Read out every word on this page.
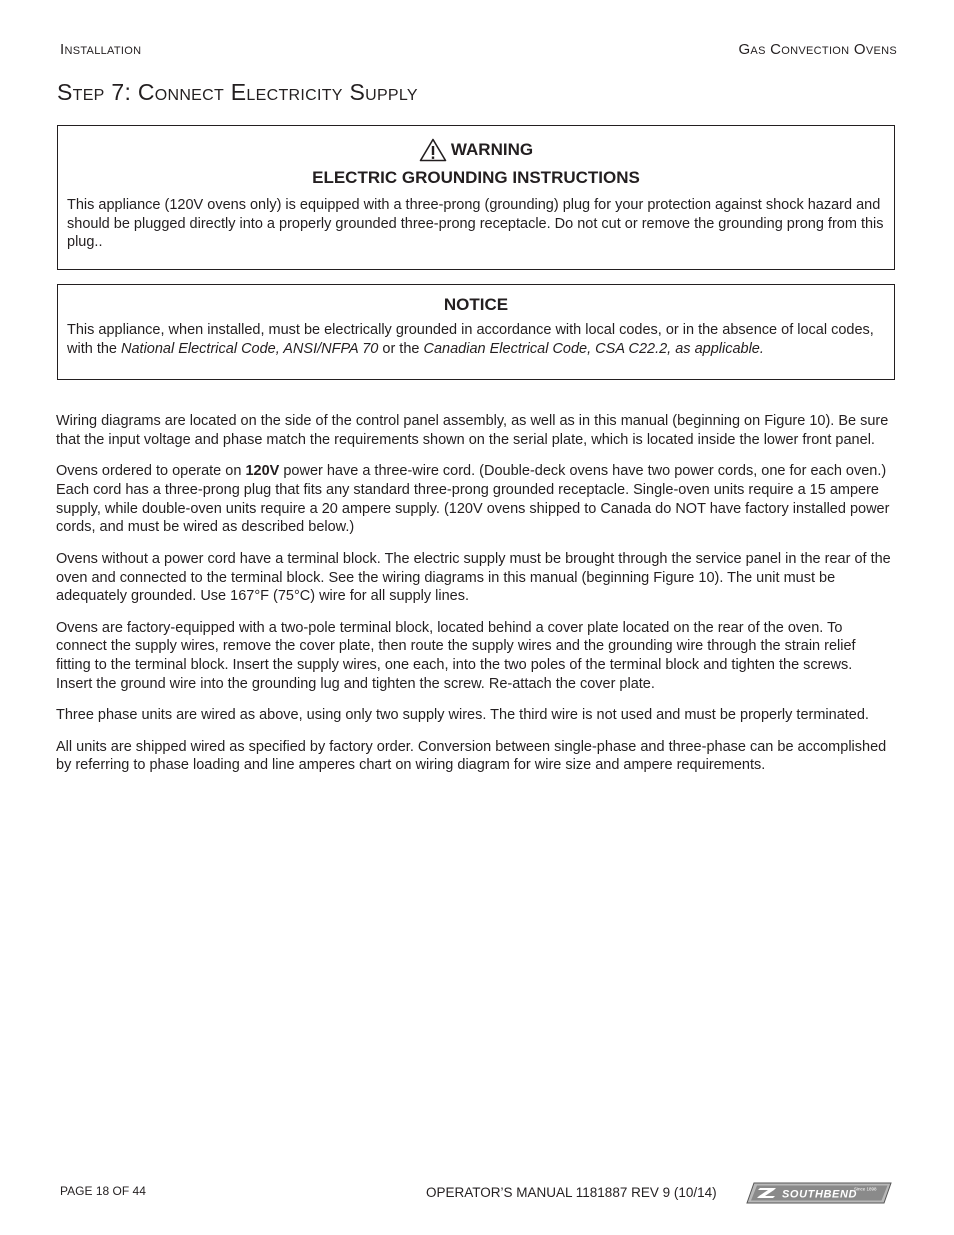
Installation	Gas Convection Ovens
Step 7: Connect Electricity Supply
WARNING
ELECTRIC GROUNDING INSTRUCTIONS
This appliance (120V ovens only) is equipped with a three-prong (grounding) plug for your protection against shock hazard and should be plugged directly into a properly grounded three-prong receptacle. Do not cut or remove the grounding prong from this plug..
NOTICE
This appliance, when installed, must be electrically grounded in accordance with local codes, or in the absence of local codes, with the National Electrical Code, ANSI/NFPA 70 or the Canadian Electrical Code, CSA C22.2, as applicable.

Wiring diagrams are located on the side of the control panel assembly, as well as in this manual (beginning on Figure 10). Be sure that the input voltage and phase match the requirements shown on the serial plate, which is located inside the lower front panel.

Ovens ordered to operate on 120V power have a three-wire cord. (Double-deck ovens have two power cords, one for each oven.) Each cord has a three-prong plug that fits any standard three-prong grounded receptacle. Single-oven units require a 15 ampere supply, while double-oven units require a 20 ampere supply. (120V ovens shipped to Canada do NOT have factory installed power cords, and must be wired as described below.)

Ovens without a power cord have a terminal block. The electric supply must be brought through the service panel in the rear of the oven and connected to the terminal block. See the wiring diagrams in this manual (beginning Figure 10). The unit must be adequately grounded. Use 167°F (75°C) wire for all supply lines.

Ovens are factory-equipped with a two-pole terminal block, located behind a cover plate located on the rear of the oven. To connect the supply wires, remove the cover plate, then route the supply wires and the grounding wire through the strain relief fitting to the terminal block. Insert the supply wires, one each, into the two poles of the terminal block and tighten the screws. Insert the ground wire into the grounding lug and tighten the screw. Re-attach the cover plate.

Three phase units are wired as above, using only two supply wires. The third wire is not used and must be properly terminated.

All units are shipped wired as specified by factory order. Conversion between single-phase and three-phase can be accomplished by referring to phase loading and line amperes chart on wiring diagram for wire size and ampere requirements.

PAGE 18 OF 44	OPERATOR’S MANUAL 1181887 REV 9 (10/14)	SOUTHBEND
Since 1898
